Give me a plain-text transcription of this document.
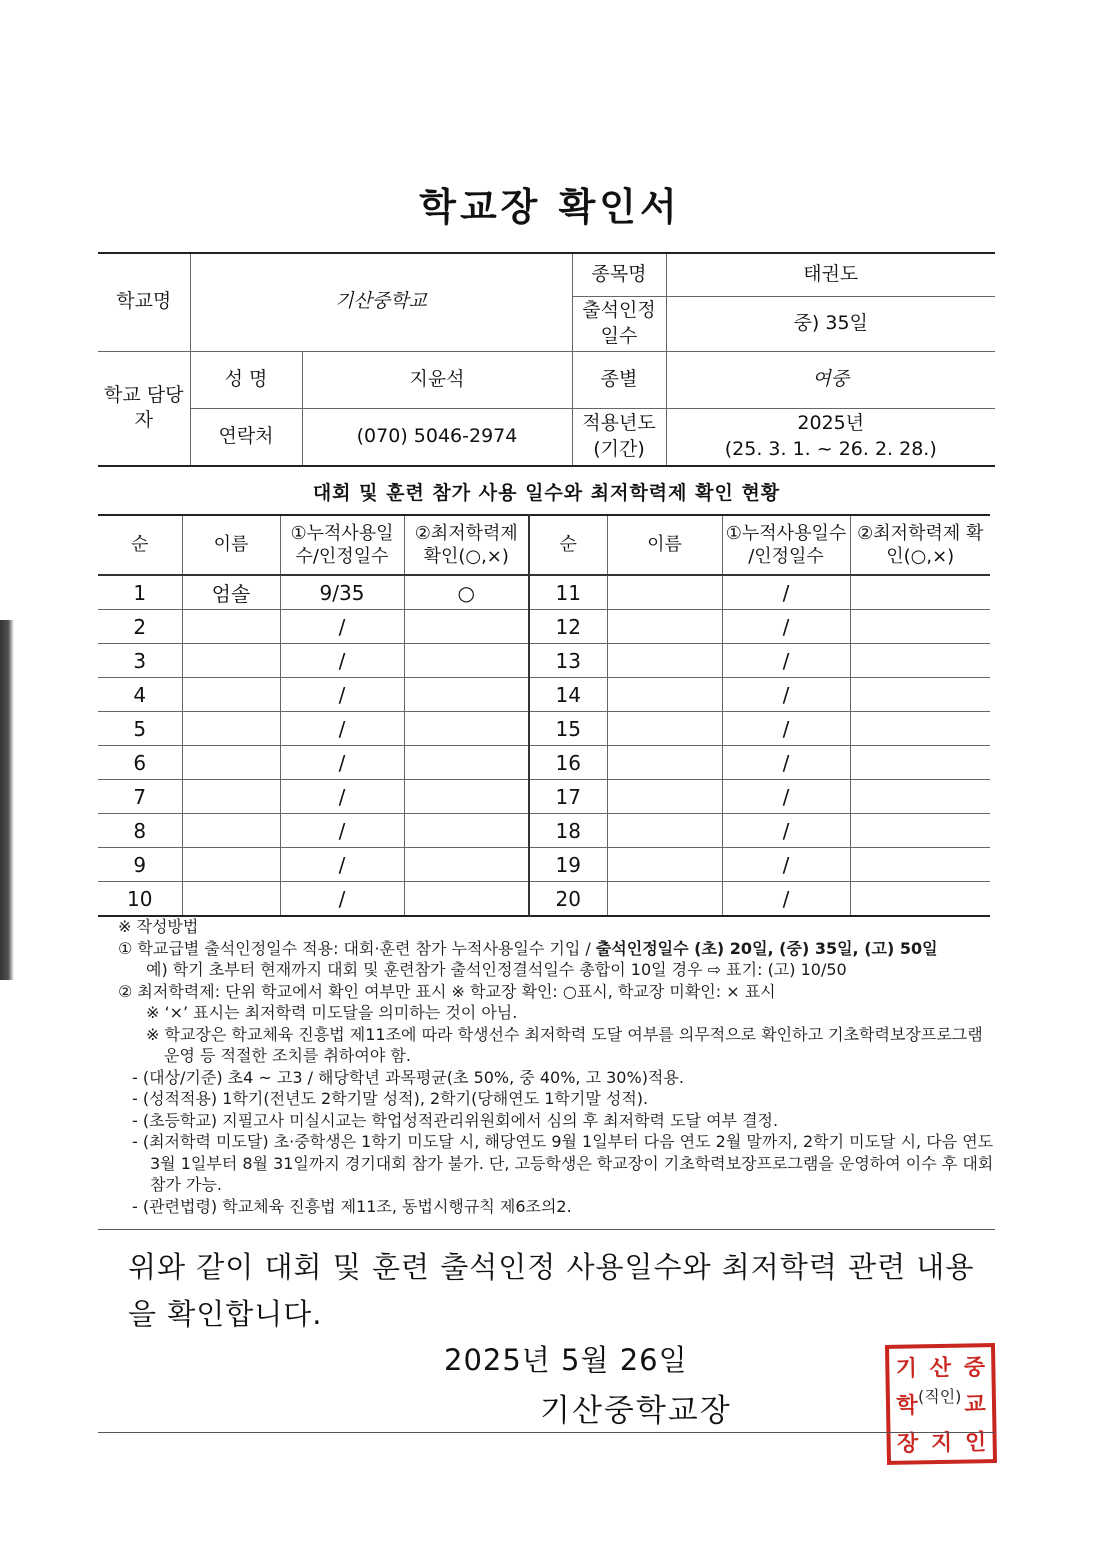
학교장 확인서
학교명	기산중학교		종목명	태권도
			출석인정 일수	중) 35일
학교 담당자	성 명	지윤석	종별	여중
	연락처	(070) 5046-2974	적용년도 (기간)	2025년
(25. 3. 1. ~ 26. 2. 28.)
대회 및 훈련 참가 사용 일수와 최저학력제 확인 현황
순	이름	①누적사용일 수/인정일수	②최저학력제 확인(○,×)	순	이름	①누적사용일수 /인정일수	②최저학력제 확인(○,×)
1	엄솔	9/35	○	11		/	
2		/		12		/	
3		/		13		/	
4		/		14		/	
5		/		15		/	
6		/		16		/	
7		/		17		/	
8		/		18		/	
9		/		19		/	
10		/		20		/	
※ 작성방법
① 학교급별 출석인정일수 적용: 대회·훈련 참가 누적사용일수 기입 / 출석인정일수 (초) 20일, (중) 35일, (고) 50일
예) 학기 초부터 현재까지 대회 및 훈련참가 출석인정결석일수 총합이 10일 경우 ⇨ 표기: (고) 10/50
② 최저학력제: 단위 학교에서 확인 여부만 표시 ※ 학교장 확인: ○표시, 학교장 미확인: × 표시
※ ‘×’ 표시는 최저학력 미도달을 의미하는 것이 아님.
※ 학교장은 학교체육 진흥법 제11조에 따라 학생선수 최저학력 도달 여부를 의무적으로 확인하고 기초학력보장프로그램 운영 등 적절한 조치를 취하여야 함.
- (대상/기준) 초4 ~ 고3 / 해당학년 과목평균(초 50%, 중 40%, 고 30%)적용.
- (성적적용) 1학기(전년도 2학기말 성적), 2학기(당해연도 1학기말 성적).
- (초등학교) 지필고사 미실시교는 학업성적관리위원회에서 심의 후 최저학력 도달 여부 결정.
- (최저학력 미도달) 초·중학생은 1학기 미도달 시, 해당연도 9월 1일부터 다음 연도 2월 말까지, 2학기 미도달 시, 다음 연도 3월 1일부터 8월 31일까지 경기대회 참가 불가. 단, 고등학생은 학교장이 기초학력보장프로그램을 운영하여 이수 후 대회 참가 가능.
- (관련법령) 학교체육 진흥법 제11조, 동법시행규칙 제6조의2.
위와 같이 대회 및 훈련 출석인정 사용일수와 최저학력 관련 내용을 확인합니다.
2025년 5월 26일
기산중학교장
기 산 중
학 교
장 지 인
(직인)
